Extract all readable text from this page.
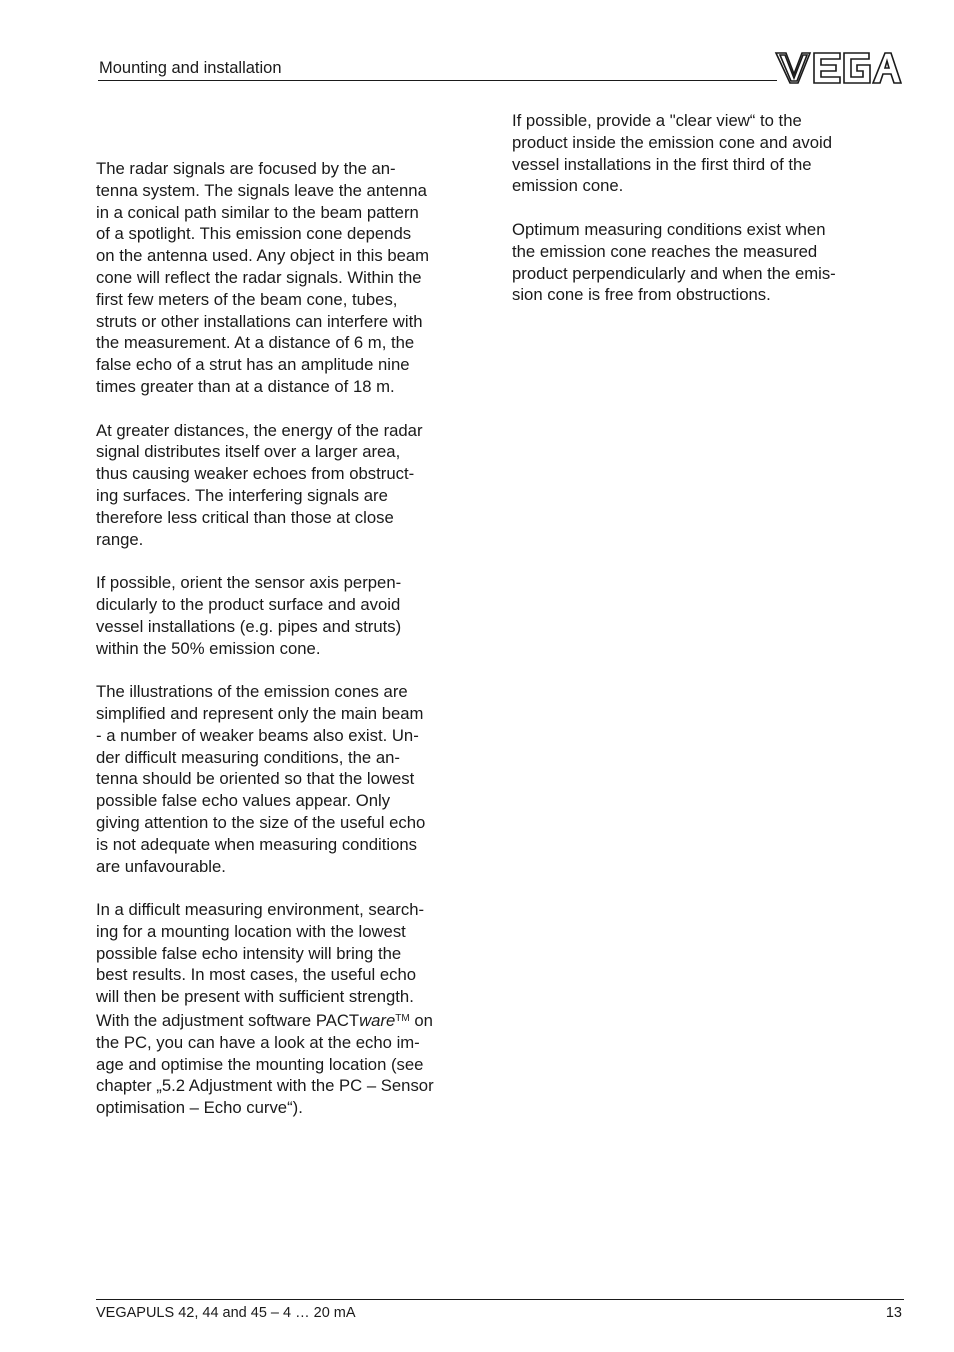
Mounting and installation

The radar signals are focused by the an-
tenna system. The signals leave the antenna
in a conical path similar to the beam pattern
of a spotlight. This emission cone depends
on the antenna used. Any object in this beam
cone will reflect the radar signals. Within the
first few meters of the beam cone, tubes,
struts or other installations can interfere with
the measurement. At a distance of 6 m, the
false echo of a strut has an amplitude nine
times greater than at a distance of 18 m.

At greater distances, the energy of the radar
signal distributes itself over a larger area,
thus causing weaker echoes from obstruct-
ing surfaces. The interfering signals are
therefore less critical than those at close
range.

If possible, orient the sensor axis perpen-
dicularly to the product surface and avoid
vessel installations (e.g. pipes and struts)
within the 50% emission cone.

The illustrations of the emission cones are
simplified and represent only the main beam
- a number of weaker beams also exist. Un-
der difficult measuring conditions, the an-
tenna should be oriented so that the lowest
possible false echo values appear. Only
giving attention to the size of the useful echo
is not adequate when measuring conditions
are unfavourable.

In a difficult measuring environment, search-
ing for a mounting location with the lowest
possible false echo intensity will bring the
best results. In most cases, the useful echo
will then be present with sufficient strength.
With the adjustment software PACTware™ on
the PC, you can have a look at the echo im-
age and optimise the mounting location (see
chapter „5.2 Adjustment with the PC – Sensor
optimisation – Echo curve“).

If possible, provide a "clear view“ to the
product inside the emission cone and avoid
vessel installations in the first third of the
emission cone.

Optimum measuring conditions exist when
the emission cone reaches the measured
product perpendicularly and when the emis-
sion cone is free from obstructions.

VEGAPULS 42, 44 and 45 – 4 … 20 mA	13
